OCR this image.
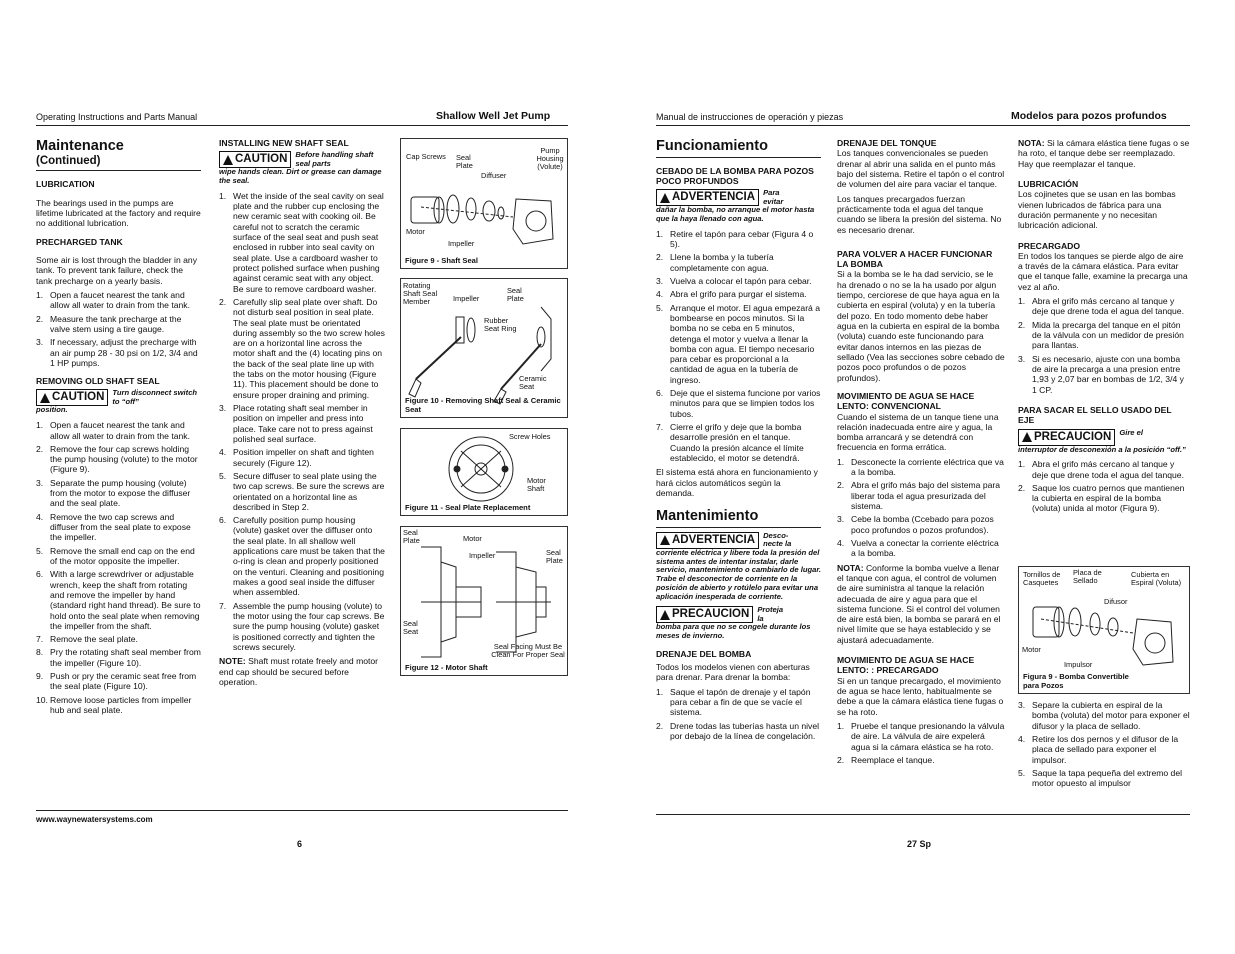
Operating Instructions and Parts Manual	Shallow Well Jet Pump
Maintenance
(Continued)
LUBRICATION

The bearings used in the pumps are lifetime lubricated at the factory and require no additional lubrication.

PRECHARGED TANK

Some air is lost through the bladder in any tank. To prevent tank failure, check the tank precharge on a yearly basis.

1. Open a faucet nearest the tank and allow all water to drain from the tank.
2. Measure the tank precharge at the valve stem using a tire gauge.
3. If necessary, adjust the precharge with an air pump 28 - 30 psi on 1/2, 3/4 and 1 HP pumps.
REMOVING OLD SHAFT SEAL
CAUTION Turn disconnect switch to “off”
position.
1. Open a faucet nearest the tank and allow all water to drain from the tank.
2. Remove the four cap screws holding the pump housing (volute) to the motor (Figure 9).
3. Separate the pump housing (volute) from the motor to expose the diffuser and the seal plate.
4. Remove the two cap screws and diffuser from the seal plate to expose the impeller.
5. Remove the small end cap on the end of the motor opposite the impeller.
6. With a large screwdriver or adjustable wrench, keep the shaft from rotating and remove the impeller by hand (standard right hand thread). Be sure to hold onto the seal plate when removing the impeller from the shaft.
7. Remove the seal plate.
8. Pry the rotating shaft seal member from the impeller (Figure 10).
9. Push or pry the ceramic seat free from the seal plate (Figure 10).
10. Remove loose particles from impeller hub and seal plate.
INSTALLING NEW SHAFT SEAL
CAUTION Before handling shaft seal parts
wipe hands clean. Dirt or grease can damage the seal.
1. Wet the inside of the seal cavity on seal plate and the rubber cup enclosing the new ceramic seat with cooking oil. Be careful not to scratch the ceramic surface of the seal seat and push seat enclosed in rubber into seal cavity on seal plate. Use a cardboard washer to protect polished surface when pushing against ceramic seat with any object. Be sure to remove cardboard washer.
2. Carefully slip seal plate over shaft. Do not disturb seal position in seal plate. The seal plate must be orientated during assembly so the two screw holes are on a horizontal line across the motor shaft and the (4) locating pins on the back of the seal plate line up with the tabs on the motor housing (Figure 11). This placement should be done to ensure proper draining and priming.
3. Place rotating shaft seal member in position on impeller and press into place. Take care not to press against polished seal surface.
4. Position impeller on shaft and tighten securely (Figure 12).
5. Secure diffuser to seal plate using the two cap screws. Be sure the screws are orientated on a horizontal line as described in Step 2.
6. Carefully position pump housing (volute) gasket over the diffuser onto the seal plate. In all shallow well applications care must be taken that the o-ring is clean and properly positioned on the venturi. Cleaning and positioning makes a good seal inside the diffuser when assembled.
7. Assemble the pump housing (volute) to the motor using the four cap screws. Be sure the pump housing (volute) gasket is positioned correctly and tighten the screws securely.

NOTE: Shaft must rotate freely and motor end cap should be secured before operation.

Cap Screws Seal Plate
Pump Housing (Volute)
Diffuser
Motor
Impeller
Figure 9 - Shaft Seal
Rotating Shaft Seal Member	Impeller
Seal Plate
Rubber Seat Ring
Ceramic Seat
Figure 10 - Removing Shaft Seal & Ceramic Seat
Screw Holes
Motor Shaft
Figure 11 - Seal Plate Replacement
Seal Plate	Motor
Impeller	Seal Plate
Seal Seat
Seal Facing Must Be Clean For Proper Seal
Figure 12 - Motor Shaft
www.waynewatersystems.com
6
Manual de instrucciones de operación y piezas	Modelos para pozos profundos
Funcionamiento
CEBADO DE LA BOMBA PARA POZOS POCO PROFUNDOS
ADVERTENCIA Para evitar
dañar la bomba, no arranque el motor hasta que la haya llenado con agua.
1. Retire el tapón para cebar (Figura 4 o 5).
2. Llene la bomba y la tubería completamente con agua.
3. Vuelva a colocar el tapón para cebar.
4. Abra el grifo para purgar el sistema.
5. Arranque el motor. El agua empezará a bombearse en pocos minutos. Si la bomba no se ceba en 5 minutos, detenga el motor y vuelva a llenar la bomba con agua. El tiempo necesario para cebar es proporcional a la cantidad de agua en la tubería de ingreso.
6. Deje que el sistema funcione por varios minutos para que se limpien todos los tubos.
7. Cierre el grifo y deje que la bomba desarrolle presión en el tanque. Cuando la presión alcance el límite establecido, el motor se detendrá.

El sistema está ahora en funcionamiento y hará ciclos automáticos según la demanda.

Mantenimiento
ADVERTENCIA Desco-necte la
corriente eléctrica y libere toda la presión del sistema antes de intentar instalar, darle servicio, mantenimiento o cambiarlo de lugar. Trabe el desconector de corriente en la posición de abierto y rotúlelo para evitar una aplicación inesperada de corriente.
PRECAUCION Proteja la
bomba para que no se congele durante los meses de invierno.
DRENAJE DEL BOMBA

Todos los modelos vienen con aberturas para drenar. Para drenar la bomba:

1. Saque el tapón de drenaje y el tapón para cebar a fin de que se vacíe el sistema.
2. Drene todas las tuberías hasta un nivel por debajo de la línea de congelación.
DRENAJE DEL TONQUE

Los tanques convencionales se pueden drenar al abrir una salida en el punto más bajo del sistema. Retire el tapón o el control de volumen del aire para vaciar el tanque.

Los tanques precargados fuerzan prácticamente toda el agua del tanque cuando se libera la presión del sistema. No es necesario drenar.

PARA VOLVER A HACER FUNCIONAR LA BOMBA

Si a la bomba se le ha dad servicio, se le ha drenado o no se la ha usado por algun tiempo, cerciorese de que haya agua en la cubierta en espiral (voluta) y en la tubería del pozo. En todo momento debe haber agua en la cubierta en espiral de la bomba (voluta) cuando este funcionando para evitar danos internos en las piezas de sellado (Vea las secciones sobre cebado de pozos poco profundos o de pozos profundos).

MOVIMIENTO DE AGUA SE HACE LENTO: CONVENCIONAL

Cuando el sistema de un tanque tiene una relación inadecuada entre aire y agua, la bomba arrancará y se detendrá con frecuencia en forma errática.

1. Desconecte la corriente eléctrica que va a la bomba.
2. Abra el grifo más bajo del sistema para liberar toda el agua presurizada del sistema.
3. Cebe la bomba (Ccebado para pozos poco profundos o pozos profundos).
4. Vuelva a conectar la corriente eléctrica a la bomba.

NOTA: Conforme la bomba vuelve a llenar el tanque con agua, el control de volumen de aire suministra al tanque la relación adecuada de aire y agua para que el sistema funcione. Si el control del volumen de aire está bien, la bomba se parará en el nivel límite que se haya establecido y se ajustará adecuadamente.

MOVIMIENTO DE AGUA SE HACE LENTO: : PRECARGADO

Si en un tanque precargado, el movimiento de agua se hace lento, habitualmente se debe a que la cámara elástica tiene fugas o se ha roto.

1. Pruebe el tanque presionando la válvula de aire. La válvula de aire expelerá agua si la cámara elástica se ha roto.
2. Reemplace el tanque.

NOTA: Si la cámara elástica tiene fugas o se ha roto, el tanque debe ser reemplazado. Hay que reemplazar el tanque.

LUBRICACIÓN

Los cojinetes que se usan en las bombas vienen lubricados de fábrica para una duración permanente y no necesitan lubricación adicional.

PRECARGADO

En todos los tanques se pierde algo de aire a través de la cámara elástica. Para evitar que el tanque falle, examine la precarga una vez al año.

1. Abra el grifo más cercano al tanque y deje que drene toda el agua del tanque.
2. Mida la precarga del tanque en el pitón de la válvula con un medidor de presión para llantas.
3. Si es necesario, ajuste con una bomba de aire la precarga a una presion entre 1,93 y 2,07 bar en bombas de 1/2, 3/4 y 1 CP.
PARA SACAR EL SELLO USADO DEL EJE
PRECAUCION Gire el
interruptor de desconexión a la posición “off.”
1. Abra el grifo más cercano al tanque y deje que drene toda el agua del tanque.
2. Saque los cuatro pernos que mantienen la cubierta en espiral de la bomba (voluta) unida al motor (Figura 9).
Tornillos de Casquetes
Placa de Sellado
Cubierta en Espiral (Voluta)
Difusor
Motor
Impulsor
Figura 9 - Bomba Convertible para Pozos
3. Separe la cubierta en espiral de la bomba (voluta) del motor para exponer el difusor y la placa de sellado.
4. Retire los dos pernos y el difusor de la placa de sellado para exponer el impulsor.
5. Saque la tapa pequeña del extremo del motor opuesto al impulsor
27 Sp
